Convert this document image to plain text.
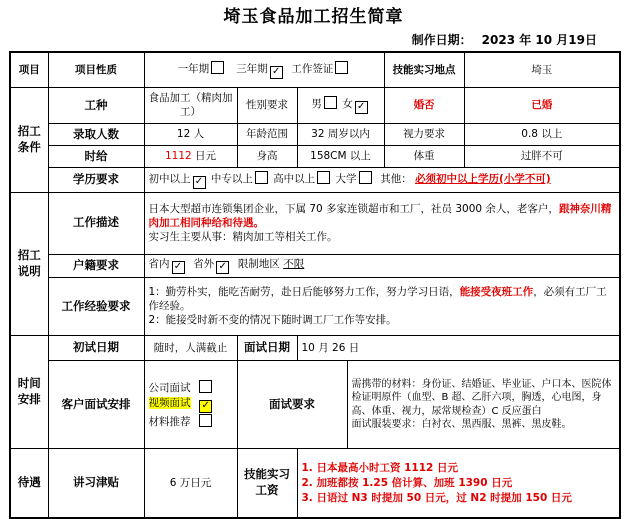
埼玉食品加工招生简章
制作日期： 2023 年 10 月19日
项目	项目性质	一年期 三年期 ✓ 工作签证				技能实习地点	埼玉
招工条件	工种	食品加工（精肉加工）	性别要求	男 女 ✓		婚否	已婚
	录取人数	12 人	年龄范围	32 周岁以内		视力要求	0.8 以上
	时给	1112 日元	身高	158CM 以上		体重	过胖不可
	学历要求	初中以上 ✓ 中专以上 高中以上 大学 其他： 必须初中以上学历(小学不可)					
招工说明	工作描述	日本大型超市连锁集团企业，下属 70 多家连锁超市和工厂，社员 3000 余人，老客户，跟神奈川精肉加工相同种给和待遇。
实习生主要从事：精肉加工等相关工作。					
	户籍要求	省内 ✓ 省外 ✓ 限制地区 不限					
	工作经验要求	1：勤劳朴实，能吃苦耐劳，赴日后能够努力工作，努力学习日语，能接受夜班工作，必须有工厂工作经验。
2：能接受时新不变的情况下随时调工厂工作等安排。					
时间安排	初试日期	随时，人满截止	面试日期	10 月 26 日			
	客户面试安排	公司面试
视频面试 ✓
材料推荐	面试要求		需携带的材料：身份证、结婚证、毕业证、户口本、医院体检证明原件（血型、B 超、乙肝六项，胸透，心电图，身高、体重、视力，尿常规检查）C 反应蛋白
面试服装要求：白衬衣、黑西服、黑裤、黑皮鞋。		
待遇	讲习津贴	6 万日元	技能实习工资	1. 日本最高小时工资 1112 日元
2. 加班都按 1.25 倍计算、加班 1390 日元
3. 日语过 N3 时提加 50 日元，过 N2 时提加 150 日元			
